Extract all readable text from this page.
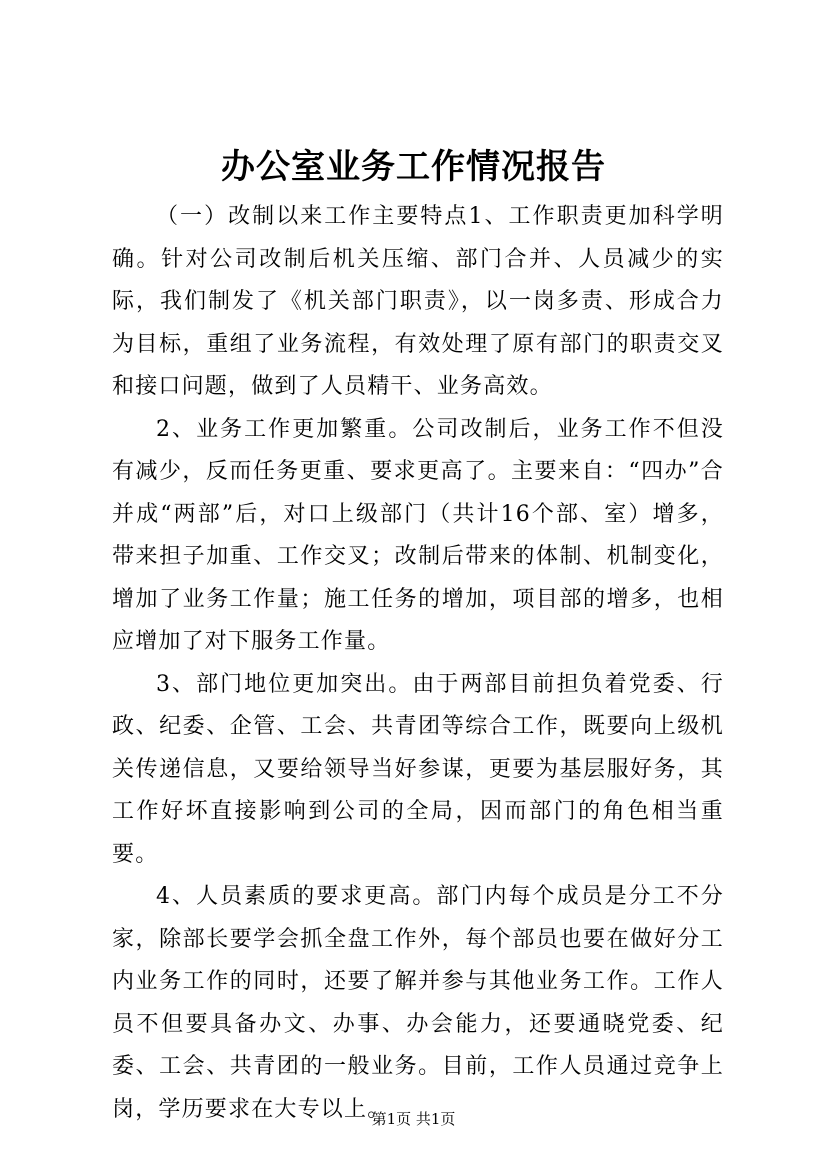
办公室业务工作情况报告

（一）改制以来工作主要特点1、工作职责更加科学明确。针对公司改制后机关压缩、部门合并、人员减少的实际，我们制发了《机关部门职责》，以一岗多责、形成合力为目标，重组了业务流程，有效处理了原有部门的职责交叉和接口问题，做到了人员精干、业务高效。

2、业务工作更加繁重。公司改制后，业务工作不但没有减少，反而任务更重、要求更高了。主要来自：“四办”合并成“两部”后，对口上级部门（共计16个部、室）增多，带来担子加重、工作交叉；改制后带来的体制、机制变化，增加了业务工作量；施工任务的增加，项目部的增多，也相应增加了对下服务工作量。

3、部门地位更加突出。由于两部目前担负着党委、行政、纪委、企管、工会、共青团等综合工作，既要向上级机关传递信息，又要给领导当好参谋，更要为基层服好务，其工作好坏直接影响到公司的全局，因而部门的角色相当重要。

4、人员素质的要求更高。部门内每个成员是分工不分家，除部长要学会抓全盘工作外，每个部员也要在做好分工内业务工作的同时，还要了解并参与其他业务工作。工作人员不但要具备办文、办事、办会能力，还要通晓党委、纪委、工会、共青团的一般业务。目前，工作人员通过竞争上岗，学历要求在大专以上。

第1页 共1页
